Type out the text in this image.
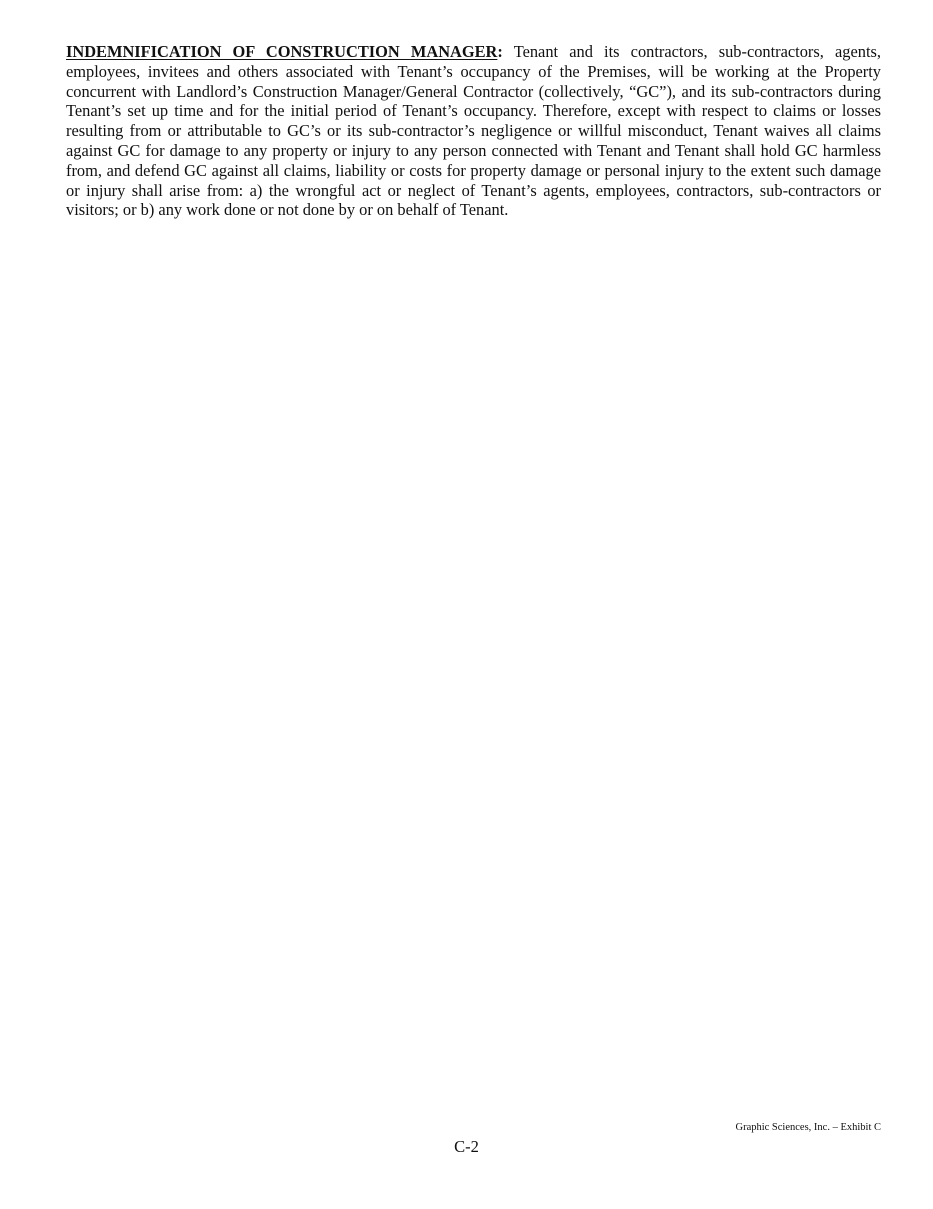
INDEMNIFICATION OF CONSTRUCTION MANAGER: Tenant and its contractors, sub-contractors, agents, employees, invitees and others associated with Tenant’s occupancy of the Premises, will be working at the Property concurrent with Landlord’s Construction Manager/General Contractor (collectively, “GC”), and its sub-contractors during Tenant’s set up time and for the initial period of Tenant’s occupancy. Therefore, except with respect to claims or losses resulting from or attributable to GC’s or its sub-contractor’s negligence or willful misconduct, Tenant waives all claims against GC for damage to any property or injury to any person connected with Tenant and Tenant shall hold GC harmless from, and defend GC against all claims, liability or costs for property damage or personal injury to the extent such damage or injury shall arise from: a) the wrongful act or neglect of Tenant’s agents, employees, contractors, sub-contractors or visitors; or b) any work done or not done by or on behalf of Tenant.

Graphic Sciences, Inc. – Exhibit C
C-2
